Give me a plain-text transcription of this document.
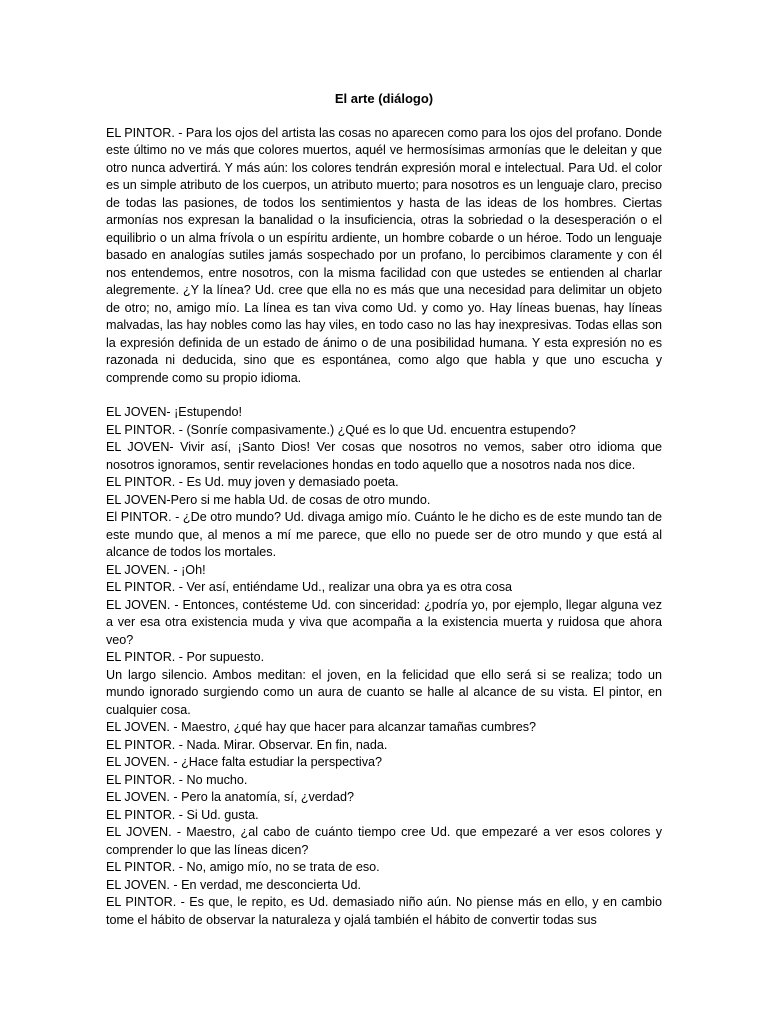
El arte (diálogo)
EL PINTOR. - Para los ojos del artista las cosas no aparecen como para los ojos del profano. Donde este último no ve más que colores muertos, aquél ve hermosísimas armonías que le deleitan y que otro nunca advertirá. Y más aún: los colores tendrán expresión moral e intelectual. Para Ud. el color es un simple atributo de los cuerpos, un atributo muerto; para nosotros es un lenguaje claro, preciso de todas las pasiones, de todos los sentimientos y hasta de las ideas de los hombres. Ciertas armonías nos expresan la banalidad o la insuficiencia, otras la sobriedad o la desesperación o el equilibrio o un alma frívola o un espíritu ardiente, un hombre cobarde o un héroe. Todo un lenguaje basado en analogías sutiles jamás sospechado por un profano, lo percibimos claramente y con él nos entendemos, entre nosotros, con la misma facilidad con que ustedes se entienden al charlar alegremente. ¿Y la línea? Ud. cree que ella no es más que una necesidad para delimitar un objeto de otro; no, amigo mío. La línea es tan viva como Ud. y como yo. Hay líneas buenas, hay líneas malvadas, las hay nobles como las hay viles, en todo caso no las hay inexpresivas. Todas ellas son la expresión definida de un estado de ánimo o de una posibilidad humana. Y esta expresión no es razonada ni deducida, sino que es espontánea, como algo que habla y que uno escucha y comprende como su propio idioma.
EL JOVEN- ¡Estupendo!
EL PINTOR. - (Sonríe compasivamente.) ¿Qué es lo que Ud. encuentra estupendo?
EL JOVEN- Vivir así, ¡Santo Dios! Ver cosas que nosotros no vemos, saber otro idioma que nosotros ignoramos, sentir revelaciones hondas en todo aquello que a nosotros nada nos dice.
EL PINTOR. - Es Ud. muy joven y demasiado poeta.
EL JOVEN-Pero si me habla Ud. de cosas de otro mundo.
El PINTOR. - ¿De otro mundo? Ud. divaga amigo mío. Cuánto le he dicho es de este mundo tan de este mundo que, al menos a mí me parece, que ello no puede ser de otro mundo y que está al alcance de todos los mortales.
EL JOVEN. - ¡Oh!
EL PINTOR. - Ver así, entiéndame Ud., realizar una obra ya es otra cosa
EL JOVEN. - Entonces, contésteme Ud. con sinceridad: ¿podría yo, por ejemplo, llegar alguna vez a ver esa otra existencia muda y viva que acompaña a la existencia muerta y ruidosa que ahora veo?
EL PINTOR. - Por supuesto.
Un largo silencio. Ambos meditan: el joven, en la felicidad que ello será si se realiza; todo un mundo ignorado surgiendo como un aura de cuanto se halle al alcance de su vista. El pintor, en cualquier cosa.
EL JOVEN. - Maestro, ¿qué hay que hacer para alcanzar tamañas cumbres?
EL PINTOR. - Nada. Mirar. Observar. En fin, nada.
EL JOVEN. - ¿Hace falta estudiar la perspectiva?
EL PINTOR. - No mucho.
EL JOVEN. - Pero la anatomía, sí, ¿verdad?
EL PINTOR. - Si Ud. gusta.
EL JOVEN. - Maestro, ¿al cabo de cuánto tiempo cree Ud. que empezaré a ver esos colores y comprender lo que las líneas dicen?
EL PINTOR. - No, amigo mío, no se trata de eso.
EL JOVEN. - En verdad, me desconcierta Ud.
EL PINTOR. - Es que, le repito, es Ud. demasiado niño aún. No piense más en ello, y en cambio tome el hábito de observar la naturaleza y ojalá también el hábito de convertir todas sus
